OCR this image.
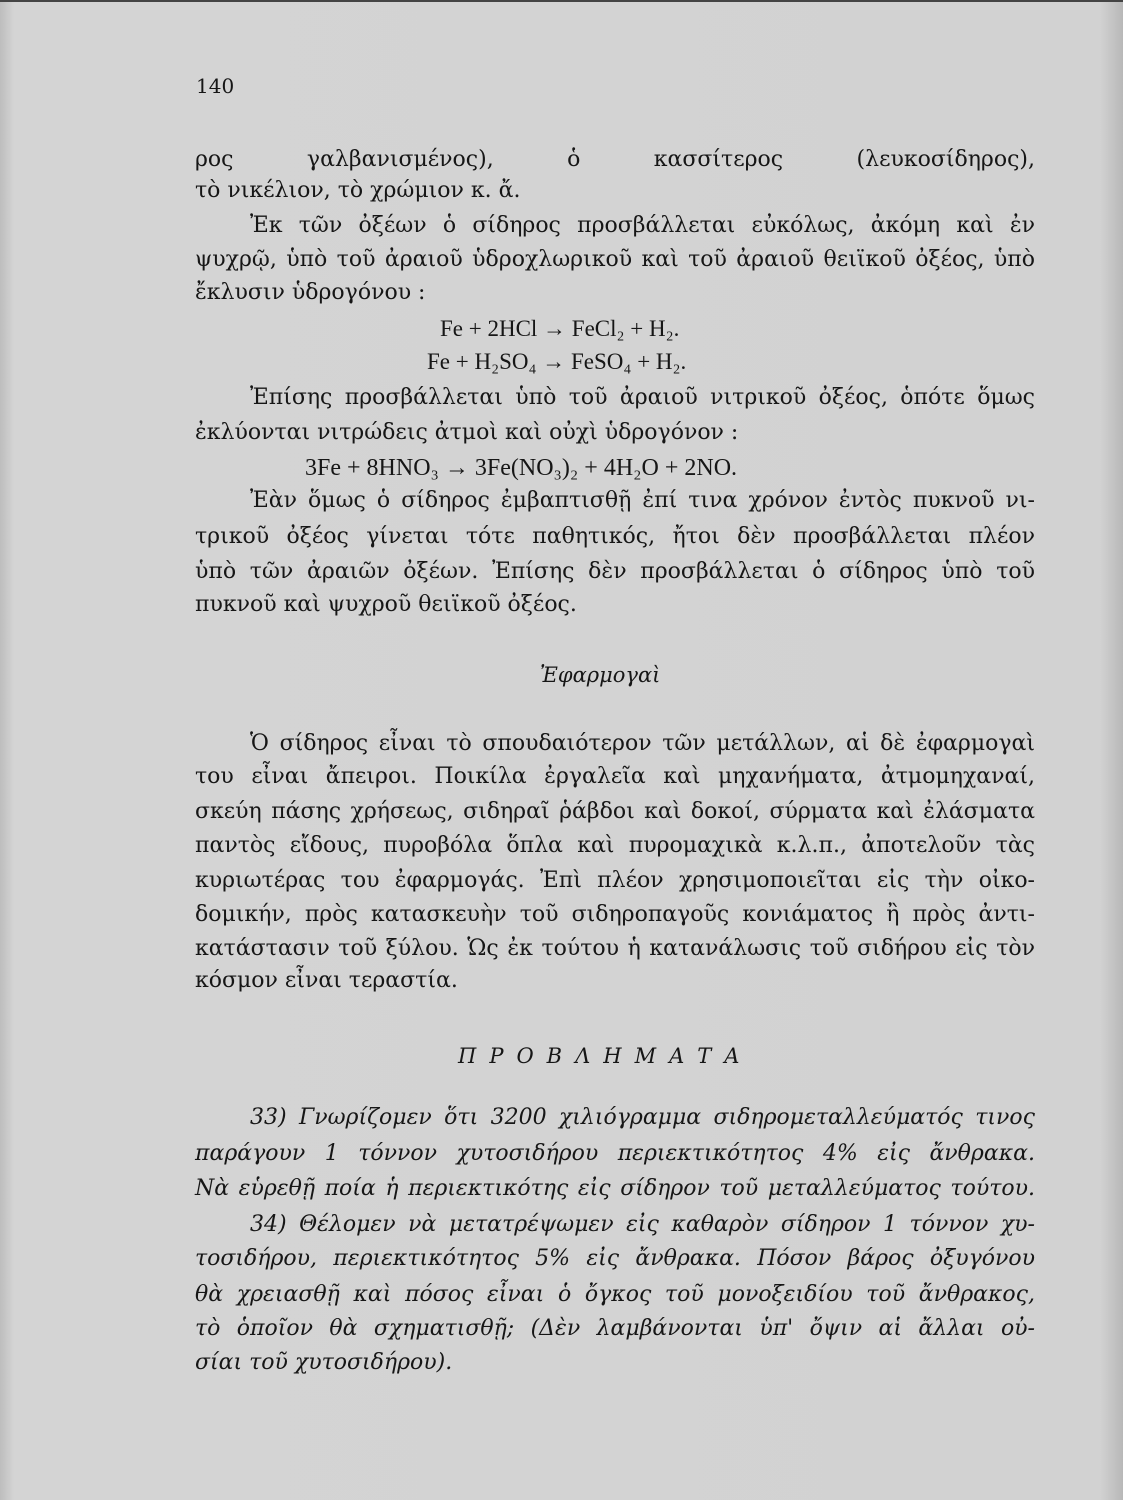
140
ρος γαλβανισμένος), ὁ κασσίτερος (λευκοσίδηρος),
τὸ νικέλιον, τὸ χρώμιον κ. ἄ.
Ἐκ τῶν ὀξέων ὁ σίδηρος προσβάλλεται εὐκόλως, ἀκόμη καὶ ἐν
ψυχρῷ, ὑπὸ τοῦ ἀραιοῦ ὑδροχλωρικοῦ καὶ τοῦ ἀραιοῦ θειϊκοῦ ὀξέος, ὑπὸ
ἔκλυσιν ὑδρογόνου :
Fe + 2HCl → FeCl₂ + H₂.
Fe + H₂SO₄ → FeSO₄ + H₂.
Ἐπίσης προσβάλλεται ὑπὸ τοῦ ἀραιοῦ νιτρικοῦ ὀξέος, ὁπότε ὅμως
ἐκλύονται νιτρώδεις ἀτμοὶ καὶ οὐχὶ ὑδρογόνον :
3Fe + 8HNO₃ → 3Fe(NO₃)₂ + 4H₂O + 2NO.
Ἐὰν ὅμως ὁ σίδηρος ἐμβαπτισθῇ ἐπί τινα χρόνον ἐντὸς πυκνοῦ νι-
τρικοῦ ὀξέος γίνεται τότε παθητικός, ἤτοι δὲν προσβάλλεται πλέον
ὑπὸ τῶν ἀραιῶν ὀξέων. Ἐπίσης δὲν προσβάλλεται ὁ σίδηρος ὑπὸ τοῦ
πυκνοῦ καὶ ψυχροῦ θειϊκοῦ ὀξέος.
Ἐφαρμογαὶ
Ὁ σίδηρος εἶναι τὸ σπουδαιότερον τῶν μετάλλων, αἱ δὲ ἐφαρμογαὶ
του εἶναι ἄπειροι. Ποικίλα ἐργαλεῖα καὶ μηχανήματα, ἀτμομηχαναί,
σκεύη πάσης χρήσεως, σιδηραῖ ῥάβδοι καὶ δοκοί, σύρματα καὶ ἐλάσματα
παντὸς εἴδους, πυροβόλα ὅπλα καὶ πυρομαχικὰ κ.λ.π., ἀποτελοῦν τὰς
κυριωτέρας του ἐφαρμογάς. Ἐπὶ πλέον χρησιμοποιεῖται εἰς τὴν οἰκο-
δομικήν, πρὸς κατασκευὴν τοῦ σιδηροπαγοῦς κονιάματος ἢ πρὸς ἀντι-
κατάστασιν τοῦ ξύλου. Ὡς ἐκ τούτου ἡ κατανάλωσις τοῦ σιδήρου εἰς τὸν
κόσμον εἶναι τεραστία.
ΠΡΟΒΛΗΜΑΤΑ
33) Γνωρίζομεν ὅτι 3200 χιλιόγραμμα σιδηρομεταλλεύματός τινος
παράγουν 1 τόννον χυτοσιδήρου περιεκτικότητος 4% εἰς ἄνθρακα.
Νὰ εὑρεθῇ ποία ἡ περιεκτικότης εἰς σίδηρον τοῦ μεταλλεύματος τούτου.
34) Θέλομεν νὰ μετατρέψωμεν εἰς καθαρὸν σίδηρον 1 τόννον χυ-
τοσιδήρου, περιεκτικότητος 5% εἰς ἄνθρακα. Πόσον βάρος ὀξυγόνου
θὰ χρειασθῇ καὶ πόσος εἶναι ὁ ὄγκος τοῦ μονοξειδίου τοῦ ἄνθρακος,
τὸ ὁποῖον θὰ σχηματισθῇ; (Δὲν λαμβάνονται ὑπ' ὄψιν αἱ ἄλλαι οὐ-
σίαι τοῦ χυτοσιδήρου).
